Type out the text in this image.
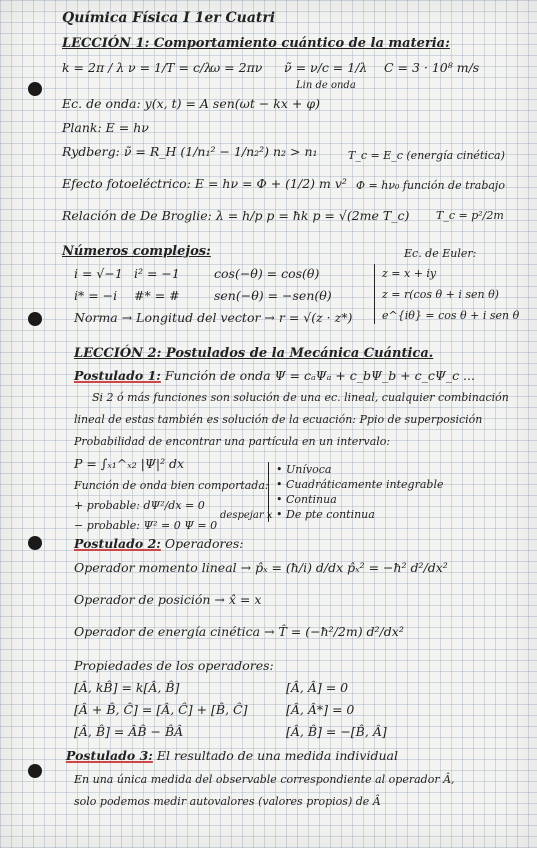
Química Física I 1er Cuatri
LECCIÓN 1: Comportamiento cuántico de la materia:
k = 2π / λ ν = 1/T = c/λ
ω = 2πν ν̃ = ν/c = 1/λ
Lin de onda
C = 3 · 10⁸ m/s
Ec. de onda: y(x, t) = A sen(ωt − kx + φ)
Plank: E = hν
Rydberg: ν̃ = R_H (1/n₁² − 1/n₂²) n₂ > n₁	T_c = E_c (energía cinética)
Efecto fotoeléctrico: E = hν = Φ + (1/2) m v² Φ = hν₀ función de trabajo
Relación de De Broglie: λ = h/p p = ħk p = √(2me T_c) T_c = p²/2m
Números complejos:
i = √−1 i² = −1	cos(−θ) = cos(θ)
i* = −i #* = #	sen(−θ) = −sen(θ)
Norma → Longitud del vector → r = √(z · z*)
Ec. de Euler:
z = x + iy
z = r(cos θ + i sen θ)
e^{iθ} = cos θ + i sen θ
LECCIÓN 2: Postulados de la Mecánica Cuántica.
Postulado 1: Función de onda Ψ = cₐΨₐ + c_bΨ_b + c_cΨ_c ...
Si 2 ó más funciones son solución de una ec. lineal, cualquier combinación
lineal de estas también es solución de la ecuación: Ppio de superposición
Probabilidad de encontrar una partícula en un intervalo:
P = ∫ₓ₁^ₓ₂ |Ψ|² dx
Función de onda bien comportada:
• Unívoca
• Cuadráticamente integrable
• Continua
• De pte continua
+ probable: dΨ²/dx = 0
− probable: Ψ² = 0 Ψ = 0
despejar x
Postulado 2: Operadores:
Operador momento lineal → p̂ₓ = (ħ/i) d/dx p̂ₓ² = −ħ² d²/dx²
Operador de posición → x̂ = x
Operador de energía cinética → T̂ = (−ħ²/2m) d²/dx²
Propiedades de los operadores:
[Â, kB̂] = k[Â, B̂]	[Â, Â] = 0
[Â + B̂, Ĉ] = [Â, Ĉ] + [B̂, Ĉ]	[Â, Â*] = 0
[Â, B̂] = ÂB̂ − B̂Â	[Â, B̂] = −[B̂, Â]
Postulado 3: El resultado de una medida individual
En una única medida del observable correspondiente al operador Â,
solo podemos medir autovalores (valores propios) de Â
